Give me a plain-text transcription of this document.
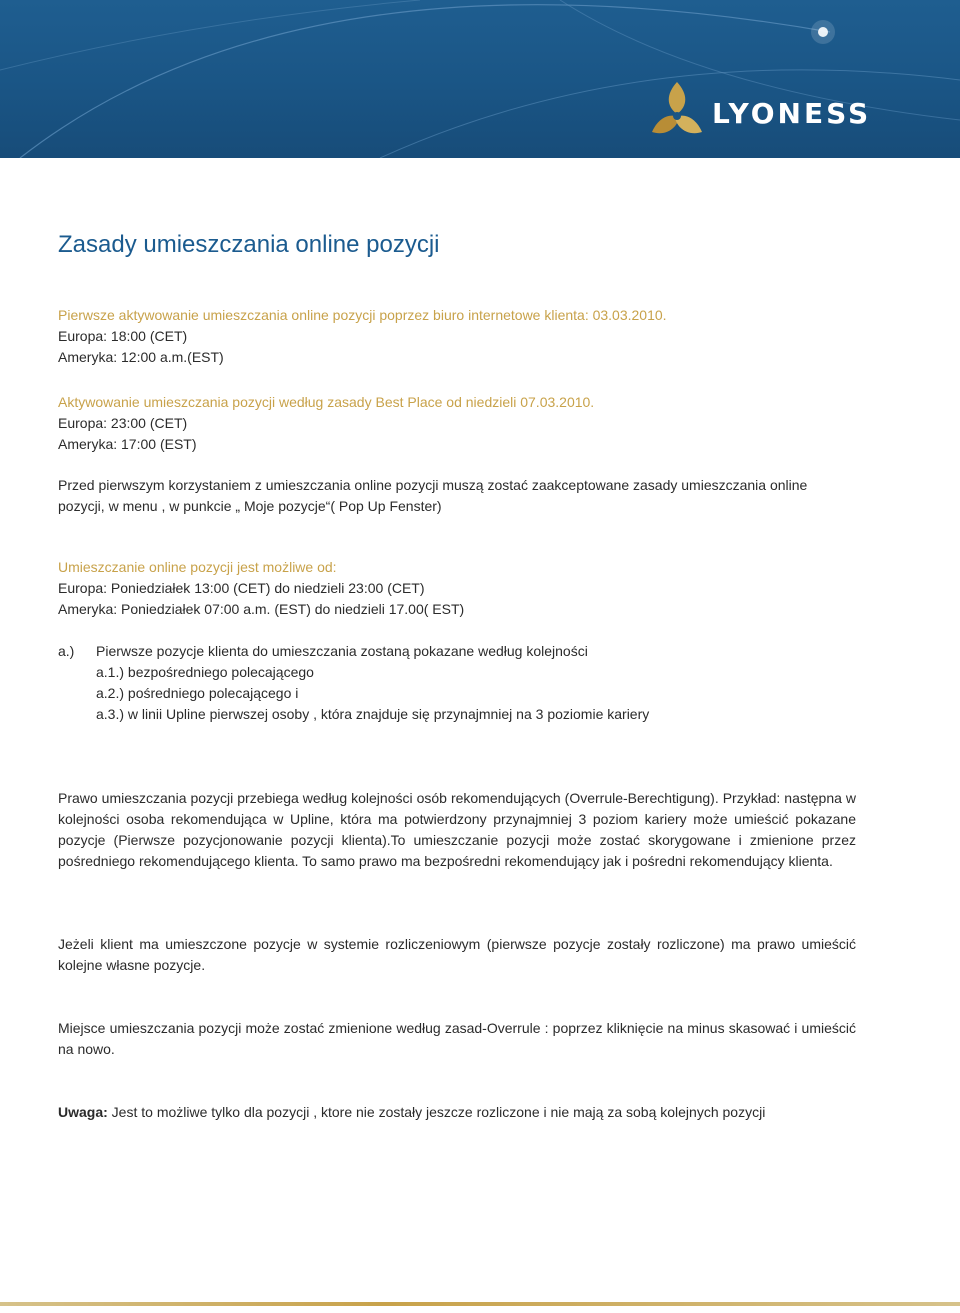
LYONESS
Zasady umieszczania online pozycji
Pierwsze aktywowanie umieszczania online pozycji poprzez biuro internetowe klienta: 03.03.2010.
Europa: 18:00 (CET)
Ameryka: 12:00 a.m.(EST)
Aktywowanie umieszczania pozycji według zasady Best Place od niedzieli 07.03.2010.
Europa: 23:00 (CET)
Ameryka: 17:00 (EST)
Przed pierwszym korzystaniem z umieszczania online pozycji muszą zostać zaakceptowane zasady umieszczania online
pozycji, w menu , w punkcie „ Moje pozycje“( Pop Up Fenster)
Umieszczanie online pozycji jest możliwe od:
Europa: Poniedziałek 13:00 (CET) do niedzieli 23:00 (CET)
Ameryka: Poniedziałek 07:00 a.m. (EST) do niedzieli 17.00( EST)
a.) Pierwsze pozycje klienta do umieszczania zostaną pokazane według kolejności
a.1.) bezpośredniego polecającego
a.2.) pośredniego polecającego i
a.3.) w linii Upline pierwszej osoby , która znajduje się przynajmniej na 3 poziomie kariery
Prawo umieszczania pozycji przebiega według kolejności osób rekomendujących (Overrule-Berechtigung). Przykład: następna w kolejności osoba rekomendująca w Upline, która ma potwierdzony przynajmniej 3 poziom kariery może umieścić pokazane pozycje (Pierwsze pozycjonowanie pozycji klienta).To umieszczanie pozycji może zostać skorygowane i zmienione przez pośredniego rekomendującego klienta. To samo prawo ma bezpośredni rekomendujący jak i pośredni rekomendujący klienta.
Jeżeli klient ma umieszczone pozycje w systemie rozliczeniowym (pierwsze pozycje zostały rozliczone) ma prawo umieścić kolejne własne pozycje.
Miejsce umieszczania pozycji może zostać zmienione według zasad-Overrule : poprzez kliknięcie na minus skasować i umieścić na nowo.
Uwaga: Jest to możliwe tylko dla pozycji , ktore nie zostały jeszcze rozliczone i nie mają za sobą kolejnych pozycji
